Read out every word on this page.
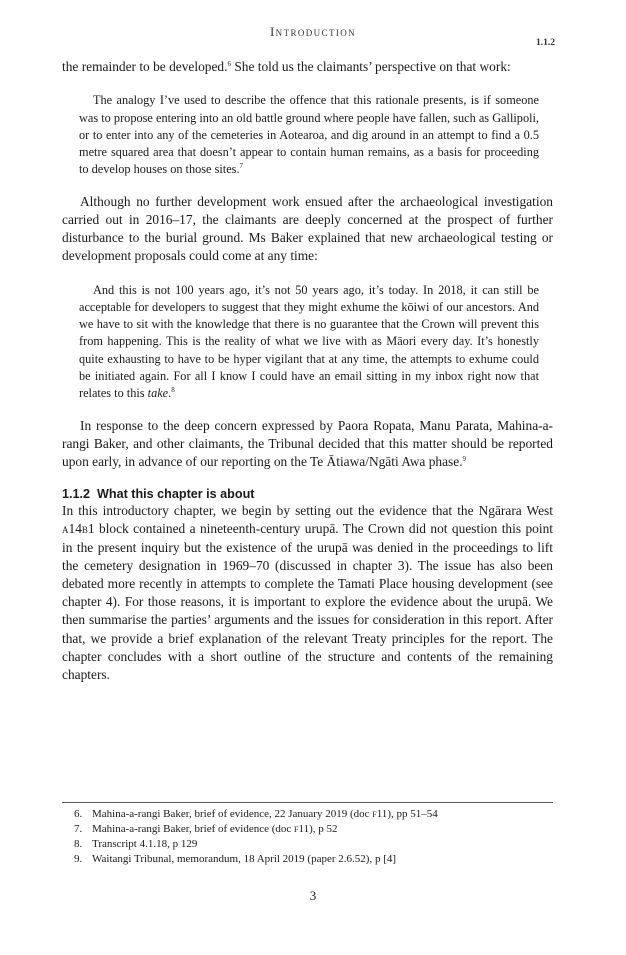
Introduction
1.1.2

the remainder to be developed.$^6$ She told us the claimants’ perspective on that work:

The analogy I’ve used to describe the offence that this rationale presents, is if someone was to propose entering into an old battle ground where people have fallen, such as Gallipoli, or to enter into any of the cemeteries in Aotearoa, and dig around in an attempt to find a 0.5 metre squared area that doesn’t appear to contain human remains, as a basis for proceeding to develop houses on those sites.$^7$

Although no further development work ensued after the archaeological investigation carried out in 2016–17, the claimants are deeply concerned at the prospect of further disturbance to the burial ground. Ms Baker explained that new archaeological testing or development proposals could come at any time:

And this is not 100 years ago, it’s not 50 years ago, it’s today. In 2018, it can still be acceptable for developers to suggest that they might exhume the kōiwi of our ancestors. And we have to sit with the knowledge that there is no guarantee that the Crown will prevent this from happening. This is the reality of what we live with as Māori every day. It’s honestly quite exhausting to have to be hyper vigilant that at any time, the attempts to exhume could be initiated again. For all I know I could have an email sitting in my inbox right now that relates to this take.$^8$

In response to the deep concern expressed by Paora Ropata, Manu Parata, Mahina-a-rangi Baker, and other claimants, the Tribunal decided that this matter should be reported upon early, in advance of our reporting on the Te Ātiawa/Ngāti Awa phase.$^9$

1.1.2 What this chapter is about

In this introductory chapter, we begin by setting out the evidence that the Ngārara West a14b1 block contained a nineteenth-century urupā. The Crown did not question this point in the present inquiry but the existence of the urupā was denied in the proceedings to lift the cemetery designation in 1969–70 (discussed in chapter 3). The issue has also been debated more recently in attempts to complete the Tamati Place housing development (see chapter 4). For those reasons, it is important to explore the evidence about the urupā. We then summarise the parties’ arguments and the issues for consideration in this report. After that, we provide a brief explanation of the relevant Treaty principles for the report. The chapter concludes with a short outline of the structure and contents of the remaining chapters.

6. Mahina-a-rangi Baker, brief of evidence, 22 January 2019 (doc f11), pp 51–54
7. Mahina-a-rangi Baker, brief of evidence (doc f11), p 52
8. Transcript 4.1.18, p 129
9. Waitangi Tribunal, memorandum, 18 April 2019 (paper 2.6.52), p [4]
3
